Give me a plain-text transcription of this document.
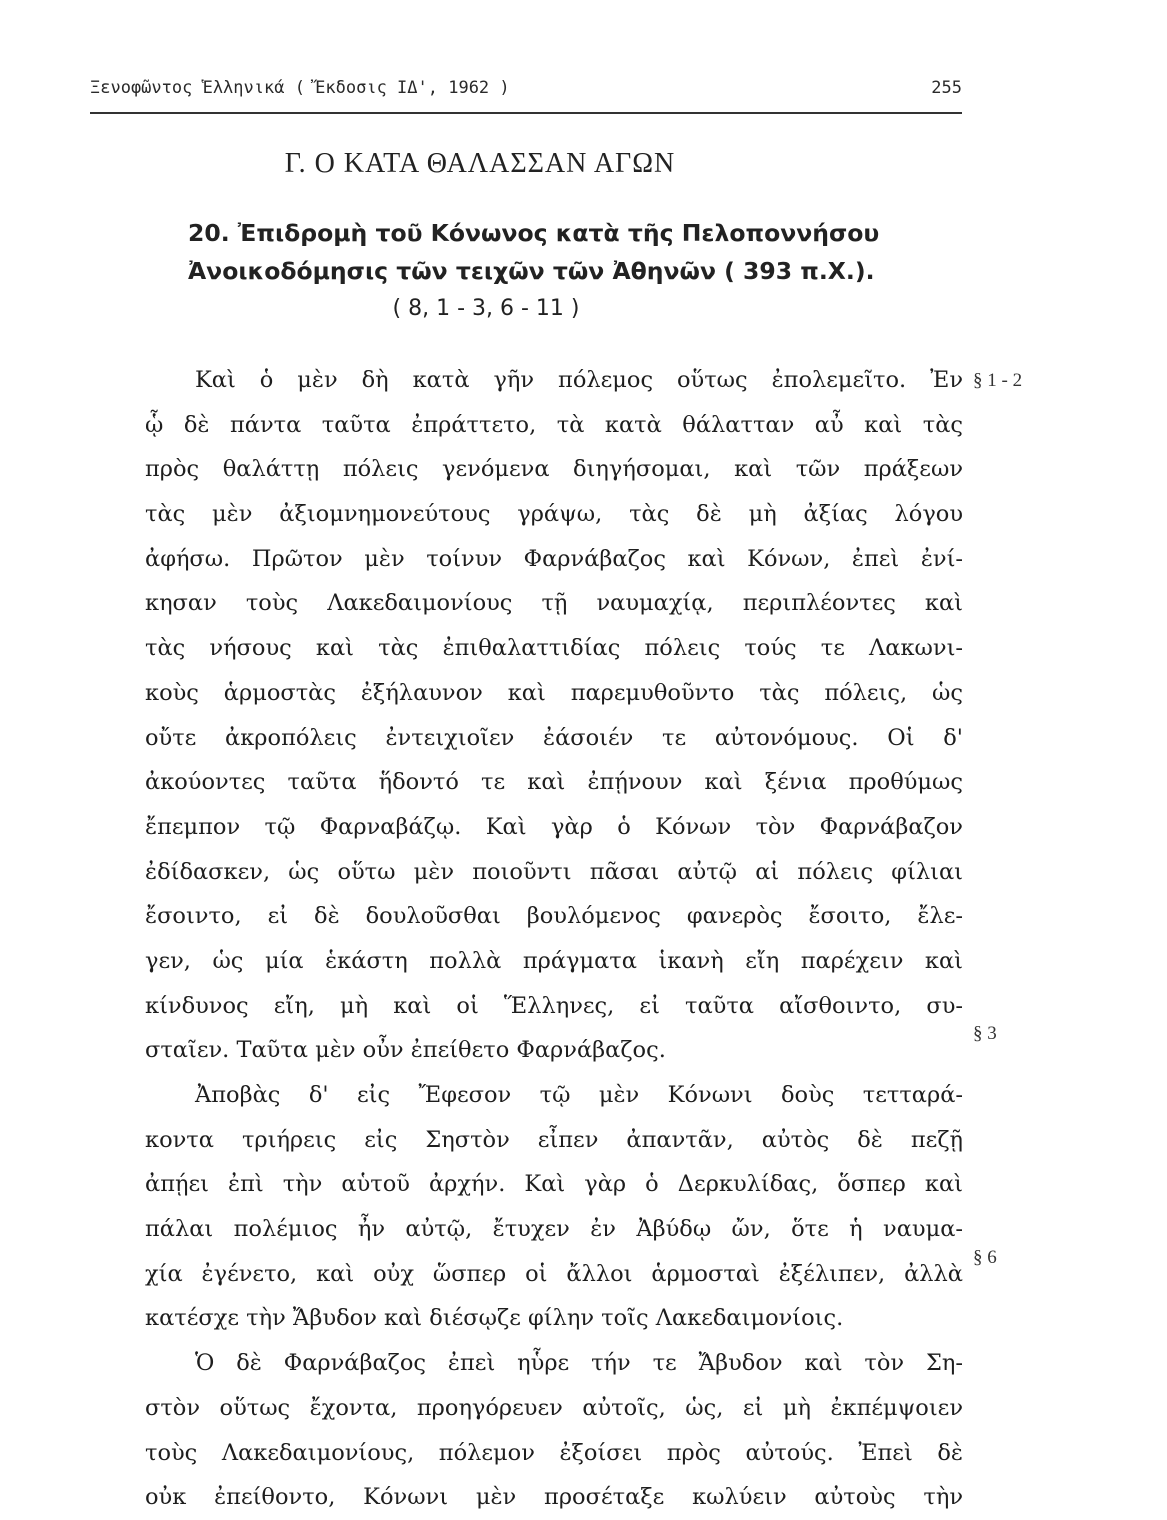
Ξενοφῶντος Ἑλληνικά ( Ἔκδοσις ΙΔ', 1962 )	255
Γ. Ο ΚΑΤΑ ΘΑΛΑΣΣΑΝ ΑΓΩΝ
20. Ἐπιδρομὴ τοῦ Κόνωνος κατὰ τῆς Πελοποννήσου
Ἀνοικοδόμησις τῶν τειχῶν τῶν Ἀθηνῶν ( 393 π.Χ.).
( 8, 1 - 3, 6 - 11 )
Καὶ ὁ μὲν δὴ κατὰ γῆν πόλεμος οὕτως ἐπολεμεῖτο. Ἐν
ᾧ δὲ πάντα ταῦτα ἐπράττετο, τὰ κατὰ θάλατταν αὖ καὶ τὰς
πρὸς θαλάττῃ πόλεις γενόμενα διηγήσομαι, καὶ τῶν πράξεων
τὰς μὲν ἀξιομνημονεύτους γράψω, τὰς δὲ μὴ ἀξίας λόγου
ἀφήσω. Πρῶτον μὲν τοίνυν Φαρνάβαζος καὶ Κόνων, ἐπεὶ ἐνί-
κησαν τοὺς Λακεδαιμονίους τῇ ναυμαχίᾳ, περιπλέοντες καὶ
τὰς νήσους καὶ τὰς ἐπιθαλαττιδίας πόλεις τούς τε Λακωνι-
κοὺς ἁρμοστὰς ἐξήλαυνον καὶ παρεμυθοῦντο τὰς πόλεις, ὡς
οὔτε ἀκροπόλεις ἐντειχιοῖεν ἐάσοιέν τε αὐτονόμους. Οἱ δ'
ἀκούοντες ταῦτα ἥδοντό τε καὶ ἐπῄνουν καὶ ξένια προθύμως
ἔπεμπον τῷ Φαρναβάζῳ. Καὶ γὰρ ὁ Κόνων τὸν Φαρνάβαζον
ἐδίδασκεν, ὡς οὕτω μὲν ποιοῦντι πᾶσαι αὐτῷ αἱ πόλεις φίλιαι
ἔσοιντο, εἰ δὲ δουλοῦσθαι βουλόμενος φανερὸς ἔσοιτο, ἔλε-
γεν, ὡς μία ἑκάστη πολλὰ πράγματα ἱκανὴ εἴη παρέχειν καὶ
κίνδυνος εἴη, μὴ καὶ οἱ Ἕλληνες, εἰ ταῦτα αἴσθοιντο, συ-
σταῖεν. Ταῦτα μὲν οὖν ἐπείθετο Φαρνάβαζος.
Ἀποβὰς δ' εἰς Ἔφεσον τῷ μὲν Κόνωνι δοὺς τετταρά-
κοντα τριήρεις εἰς Σηστὸν εἶπεν ἀπαντᾶν, αὐτὸς δὲ πεζῇ
ἀπῄει ἐπὶ τὴν αὑτοῦ ἀρχήν. Καὶ γὰρ ὁ Δερκυλίδας, ὅσπερ καὶ
πάλαι πολέμιος ἦν αὐτῷ, ἔτυχεν ἐν Ἀβύδῳ ὤν, ὅτε ἡ ναυμα-
χία ἐγένετο, καὶ οὐχ ὥσπερ οἱ ἄλλοι ἁρμοσταὶ ἐξέλιπεν, ἀλλὰ
κατέσχε τὴν Ἄβυδον καὶ διέσῳζε φίλην τοῖς Λακεδαιμονίοις.
Ὁ δὲ Φαρνάβαζος ἐπεὶ ηὗρε τήν τε Ἄβυδον καὶ τὸν Ση-
στὸν οὕτως ἔχοντα, προηγόρευεν αὐτοῖς, ὡς, εἰ μὴ ἐκπέμψοιεν
τοὺς Λακεδαιμονίους, πόλεμον ἐξοίσει πρὸς αὐτούς. Ἐπεὶ δὲ
οὐκ ἐπείθοντο, Κόνωνι μὲν προσέταξε κωλύειν αὐτοὺς τὴν
§ 1 - 2
§ 3
§ 6
